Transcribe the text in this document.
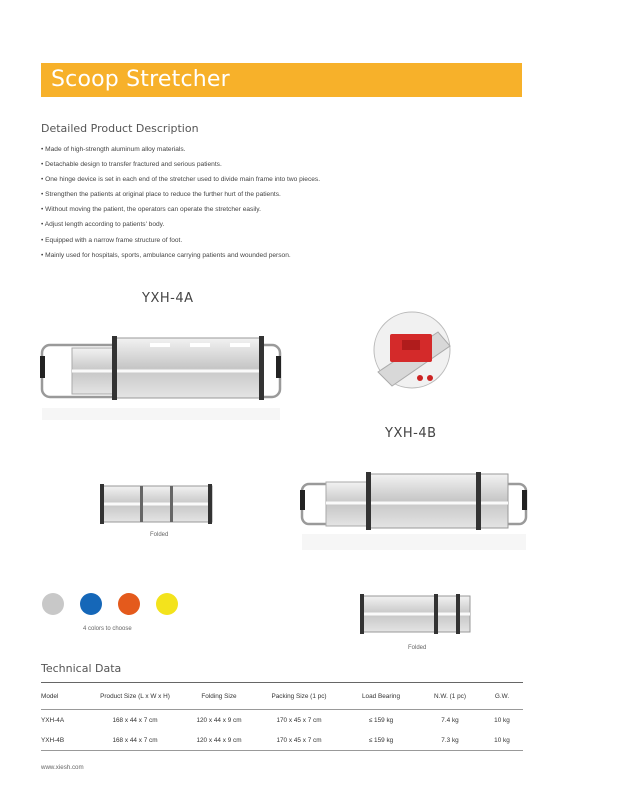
Scoop Stretcher
Detailed Product Description
• Made of high-strength aluminum alloy materials.
• Detachable design to transfer fractured and serious patients.
• One hinge device is set in each end of the stretcher used to divide main frame into two pieces.
• Strengthen the patients at original place to reduce the further hurt of the patients.
• Without moving the patient, the operators can operate the stretcher easily.
• Adjust length according to patients' body.
• Equipped with a narrow frame structure of foot.
• Mainly used for hospitals, sports, ambulance carrying patients and wounded person.
YXH-4A
YXH-4B
Folded
Folded
4 colors to choose
Technical Data
Model	Product Size (L x W x H)	Folding Size	Packing Size (1 pc)	Load Bearing	N.W. (1 pc)	G.W.
YXH-4A	168 x 44 x 7 cm	120 x 44 x 9 cm	170 x 45 x 7 cm	≤ 159 kg	7.4 kg	10 kg
YXH-4B	168 x 44 x 7 cm	120 x 44 x 9 cm	170 x 45 x 7 cm	≤ 159 kg	7.3 kg	10 kg
www.xiesh.com
